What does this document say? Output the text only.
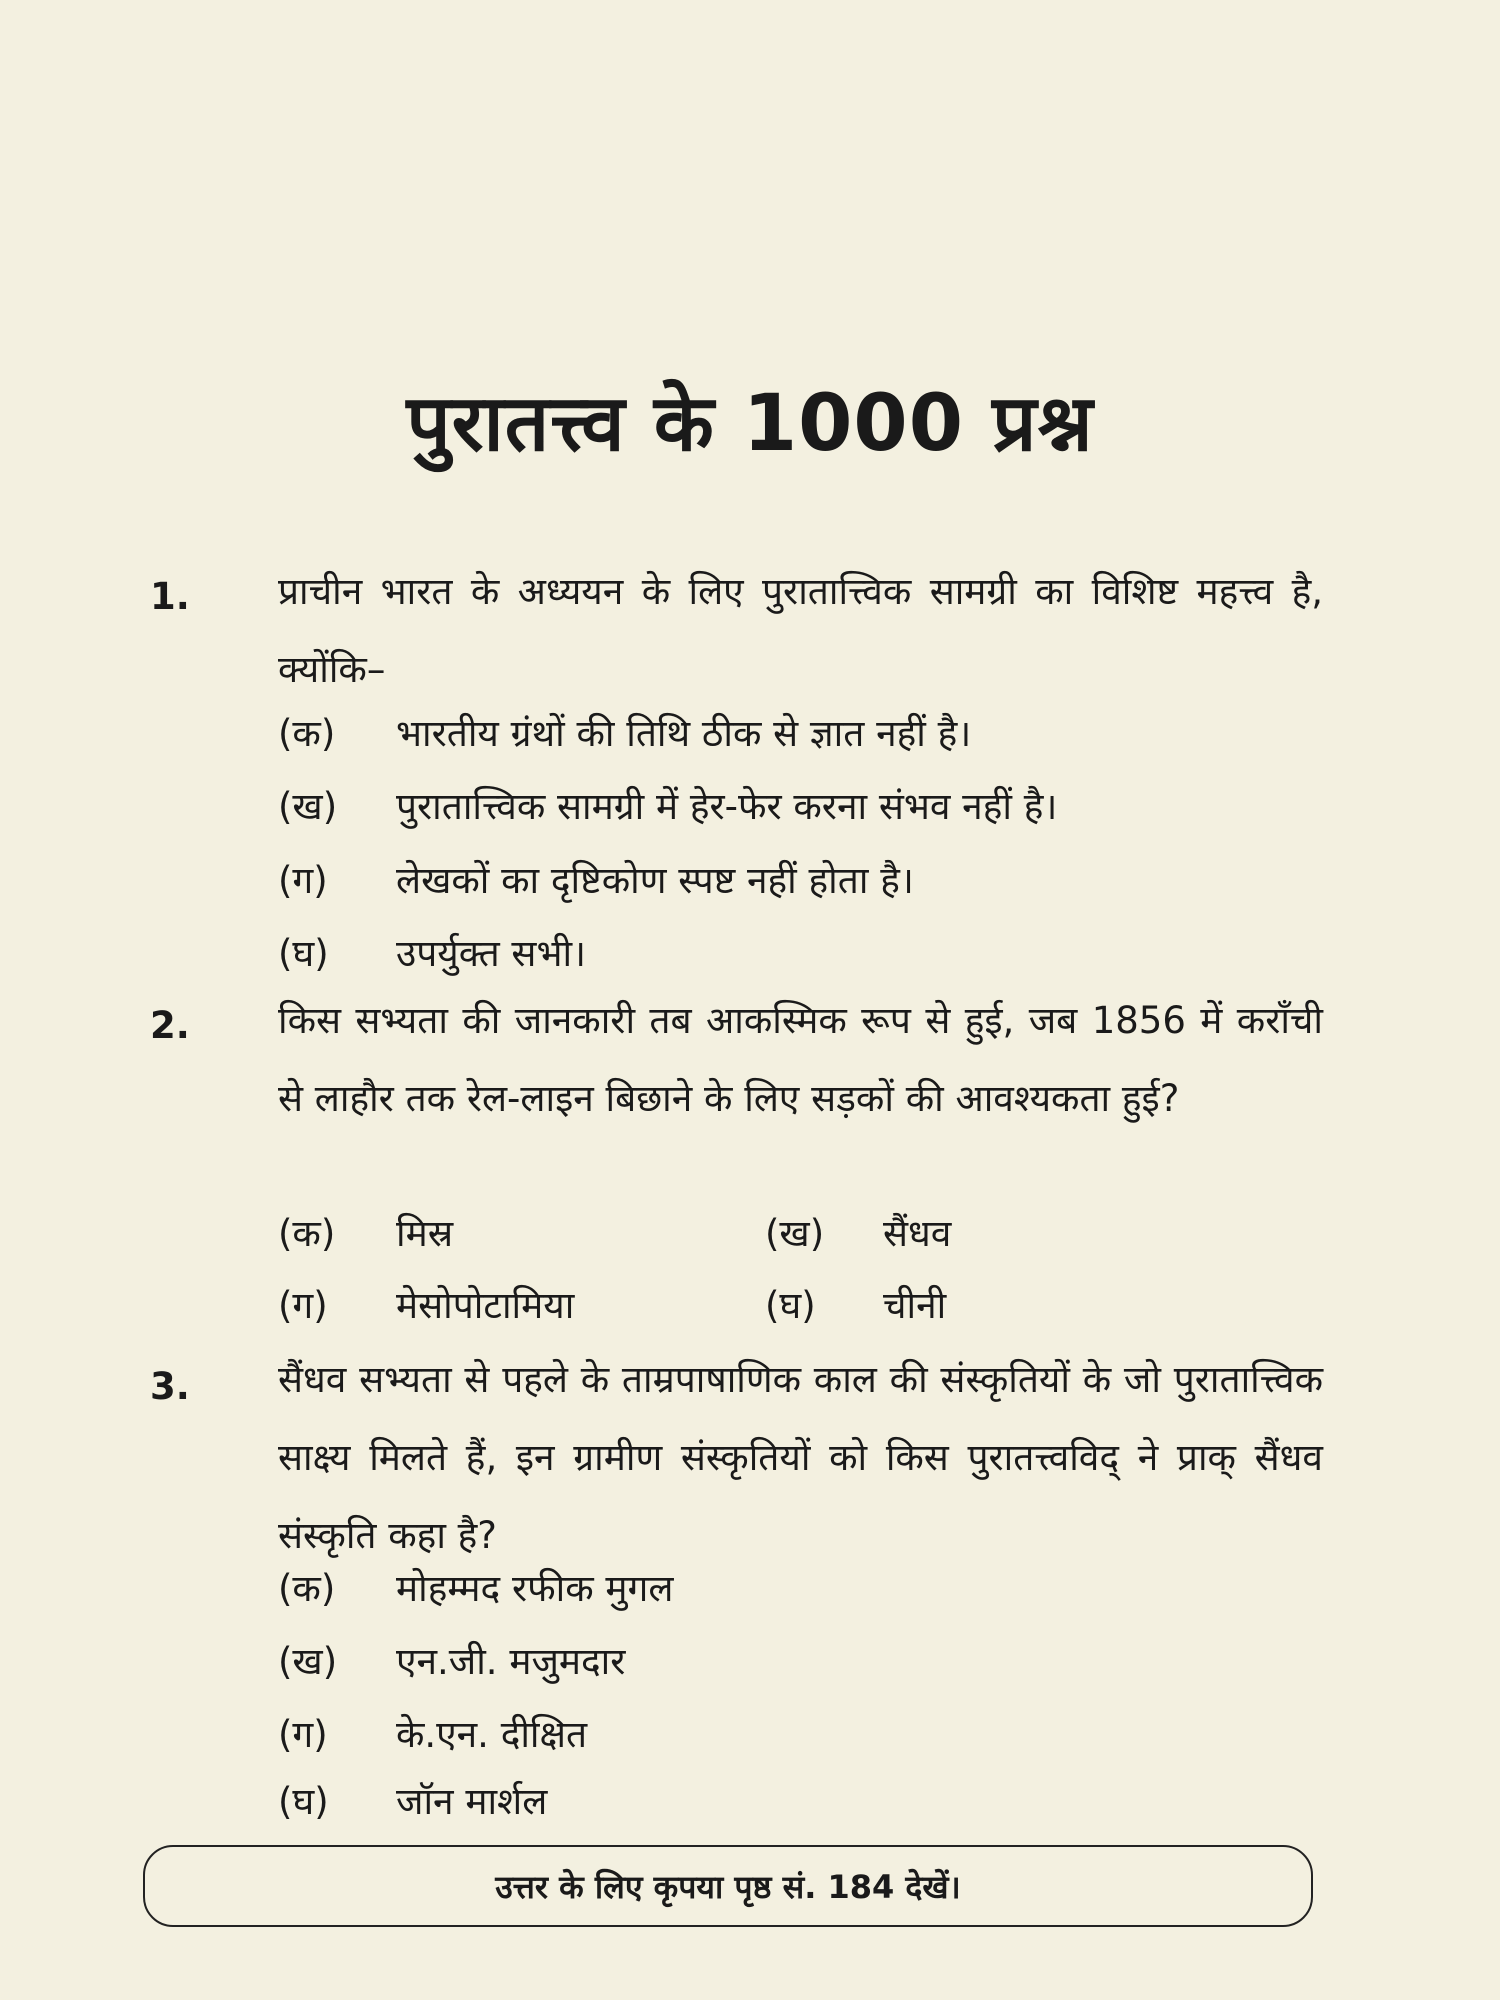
पुरातत्त्व के 1000 प्रश्न
1. प्राचीन भारत के अध्ययन के लिए पुरातात्त्विक सामग्री का विशिष्ट महत्त्व है, क्योंकि–
(क) भारतीय ग्रंथों की तिथि ठीक से ज्ञात नहीं है।
(ख) पुरातात्त्विक सामग्री में हेर-फेर करना संभव नहीं है।
(ग) लेखकों का दृष्टिकोण स्पष्ट नहीं होता है।
(घ) उपर्युक्त सभी।
2. किस सभ्यता की जानकारी तब आकस्मिक रूप से हुई, जब 1856 में कराँची से लाहौर तक रेल-लाइन बिछाने के लिए सड़कों की आवश्यकता हुई?
(क) मिस्र	(ख) सैंधव
(ग) मेसोपोटामिया	(घ) चीनी
3. सैंधव सभ्यता से पहले के ताम्रपाषाणिक काल की संस्कृतियों के जो पुरातात्त्विक साक्ष्य मिलते हैं, इन ग्रामीण संस्कृतियों को किस पुरातत्त्वविद् ने प्राक् सैंधव संस्कृति कहा है?
(क) मोहम्मद रफीक मुगल
(ख) एन.जी. मजुमदार
(ग) के.एन. दीक्षित
(घ) जॉन मार्शल
उत्तर के लिए कृपया पृष्ठ सं. 184 देखें।
